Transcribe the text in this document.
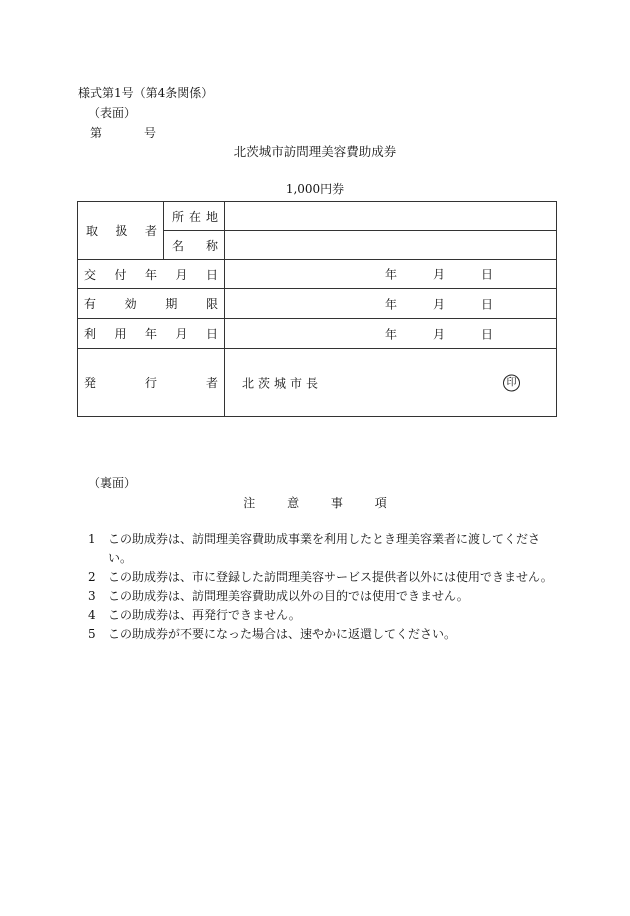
様式第1号（第4条関係）
（表面）
第	号
北茨城市訪問理美容費助成券
1,000円券
取 扱 者	所 在 地	

	名 称	

交 付 年 月 日		年 月 日

有 効 期 限		年 月 日

利 用 年 月 日		年 月 日

発 行 者		北茨城市長 印
（裏面）
注	意	事	項
1 この助成券は、訪問理美容費助成事業を利用したとき理美容業者に渡してください。
2 この助成券は、市に登録した訪問理美容サービス提供者以外には使用できません。
3 この助成券は、訪問理美容費助成以外の目的では使用できません。
4 この助成券は、再発行できません。
5 この助成券が不要になった場合は、速やかに返還してください。
